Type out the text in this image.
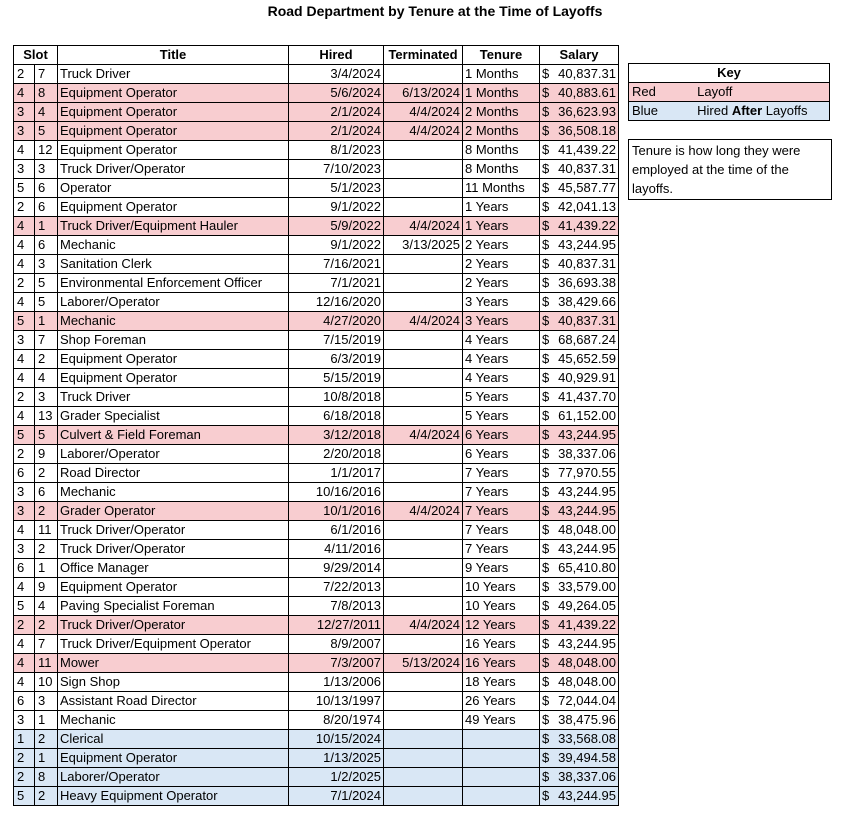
Road Department by Tenure at the Time of Layoffs
Slot		Title	Hired	Terminated	Tenure	Salary
2	7	Truck Driver	3/4/2024		1 Months	$ 40,837.31

4	8	Equipment Operator	5/6/2024	6/13/2024	1 Months	$ 40,883.61

3	4	Equipment Operator	2/1/2024	4/4/2024	2 Months	$ 36,623.93

3	5	Equipment Operator	2/1/2024	4/4/2024	2 Months	$ 36,508.18

4	12	Equipment Operator	8/1/2023		8 Months	$ 41,439.22

3	3	Truck Driver/Operator	7/10/2023		8 Months	$ 40,837.31

5	6	Operator	5/1/2023		11 Months	$ 45,587.77

2	6	Equipment Operator	9/1/2022		1 Years	$ 42,041.13

4	1	Truck Driver/Equipment Hauler	5/9/2022	4/4/2024	1 Years	$ 41,439.22

4	6	Mechanic	9/1/2022	3/13/2025	2 Years	$ 43,244.95

4	3	Sanitation Clerk	7/16/2021		2 Years	$ 40,837.31

2	5	Environmental Enforcement Officer	7/1/2021		2 Years	$ 36,693.38

4	5	Laborer/Operator	12/16/2020		3 Years	$ 38,429.66

5	1	Mechanic	4/27/2020	4/4/2024	3 Years	$ 40,837.31

3	7	Shop Foreman	7/15/2019		4 Years	$ 68,687.24

4	2	Equipment Operator	6/3/2019		4 Years	$ 45,652.59

4	4	Equipment Operator	5/15/2019		4 Years	$ 40,929.91

2	3	Truck Driver	10/8/2018		5 Years	$ 41,437.70

4	13	Grader Specialist	6/18/2018		5 Years	$ 61,152.00

5	5	Culvert & Field Foreman	3/12/2018	4/4/2024	6 Years	$ 43,244.95

2	9	Laborer/Operator	2/20/2018		6 Years	$ 38,337.06

6	2	Road Director	1/1/2017		7 Years	$ 77,970.55

3	6	Mechanic	10/16/2016		7 Years	$ 43,244.95

3	2	Grader Operator	10/1/2016	4/4/2024	7 Years	$ 43,244.95

4	11	Truck Driver/Operator	6/1/2016		7 Years	$ 48,048.00

3	2	Truck Driver/Operator	4/11/2016		7 Years	$ 43,244.95

6	1	Office Manager	9/29/2014		9 Years	$ 65,410.80

4	9	Equipment Operator	7/22/2013		10 Years	$ 33,579.00

5	4	Paving Specialist Foreman	7/8/2013		10 Years	$ 49,264.05

2	2	Truck Driver/Operator	12/27/2011	4/4/2024	12 Years	$ 41,439.22

4	7	Truck Driver/Equipment Operator	8/9/2007		16 Years	$ 43,244.95

4	11	Mower	7/3/2007	5/13/2024	16 Years	$ 48,048.00

4	10	Sign Shop	1/13/2006		18 Years	$ 48,048.00

6	3	Assistant Road Director	10/13/1997		26 Years	$ 72,044.04

3	1	Mechanic	8/20/1974		49 Years	$ 38,475.96

1	2	Clerical	10/15/2024			$ 33,568.08

2	1	Equipment Operator	1/13/2025			$ 39,494.58

2	8	Laborer/Operator	1/2/2025			$ 38,337.06

5	2	Heavy Equipment Operator	7/1/2024			$ 43,244.95
Key	
Red	Layoff
Blue	Hired After Layoffs
Tenure is how long they were employed at the time of the layoffs.
